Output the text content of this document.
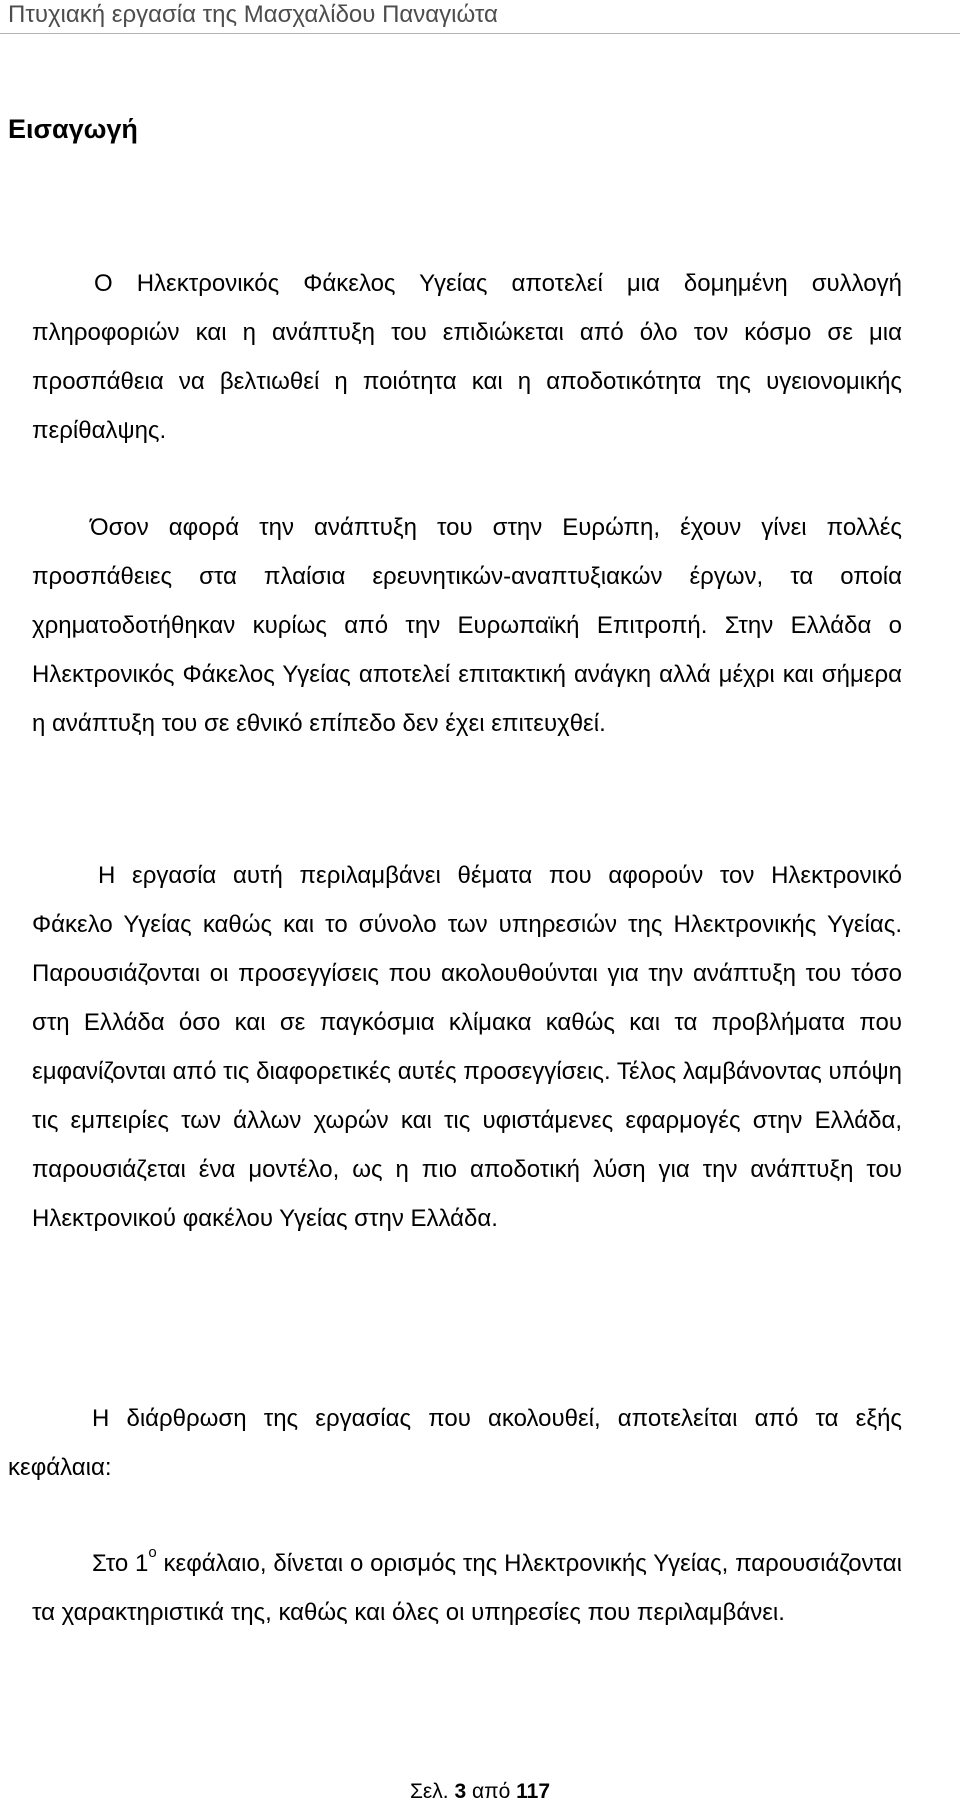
Πτυχιακή εργασία της Μασχαλίδου Παναγιώτα
Εισαγωγή

Ο Ηλεκτρονικός Φάκελος Υγείας αποτελεί μια δομημένη συλλογή πληροφοριών και η ανάπτυξη του επιδιώκεται από όλο τον κόσμο σε μια προσπάθεια να βελτιωθεί η ποιότητα και η αποδοτικότητα της υγειονομικής περίθαλψης.

Όσον αφορά την ανάπτυξη του στην Ευρώπη, έχουν γίνει πολλές προσπάθειες στα πλαίσια ερευνητικών-αναπτυξιακών έργων, τα οποία χρηματοδοτήθηκαν κυρίως από την Ευρωπαϊκή Επιτροπή. Στην Ελλάδα ο Ηλεκτρονικός Φάκελος Υγείας αποτελεί επιτακτική ανάγκη αλλά μέχρι και σήμερα η ανάπτυξη του σε εθνικό επίπεδο δεν έχει επιτευχθεί.

Η εργασία αυτή περιλαμβάνει θέματα που αφορούν τον Ηλεκτρονικό Φάκελο Υγείας καθώς και το σύνολο των υπηρεσιών της Ηλεκτρονικής Υγείας. Παρουσιάζονται οι προσεγγίσεις που ακολουθούνται για την ανάπτυξη του τόσο στη Ελλάδα όσο και σε παγκόσμια κλίμακα καθώς και τα προβλήματα που εμφανίζονται από τις διαφορετικές αυτές προσεγγίσεις. Τέλος λαμβάνοντας υπόψη τις εμπειρίες των άλλων χωρών και τις υφιστάμενες εφαρμογές στην Ελλάδα, παρουσιάζεται ένα μοντέλο, ως η πιο αποδοτική λύση για την ανάπτυξη του Ηλεκτρονικού φακέλου Υγείας στην Ελλάδα.

Η διάρθρωση της εργασίας που ακολουθεί, αποτελείται από τα εξής κεφάλαια:

Στο $1^o$ κεφάλαιο, δίνεται ο ορισμός της Ηλεκτρονικής Υγείας, παρουσιάζονται τα χαρακτηριστικά της, καθώς και όλες οι υπηρεσίες που περιλαμβάνει.

Σελ. 3 από 117
